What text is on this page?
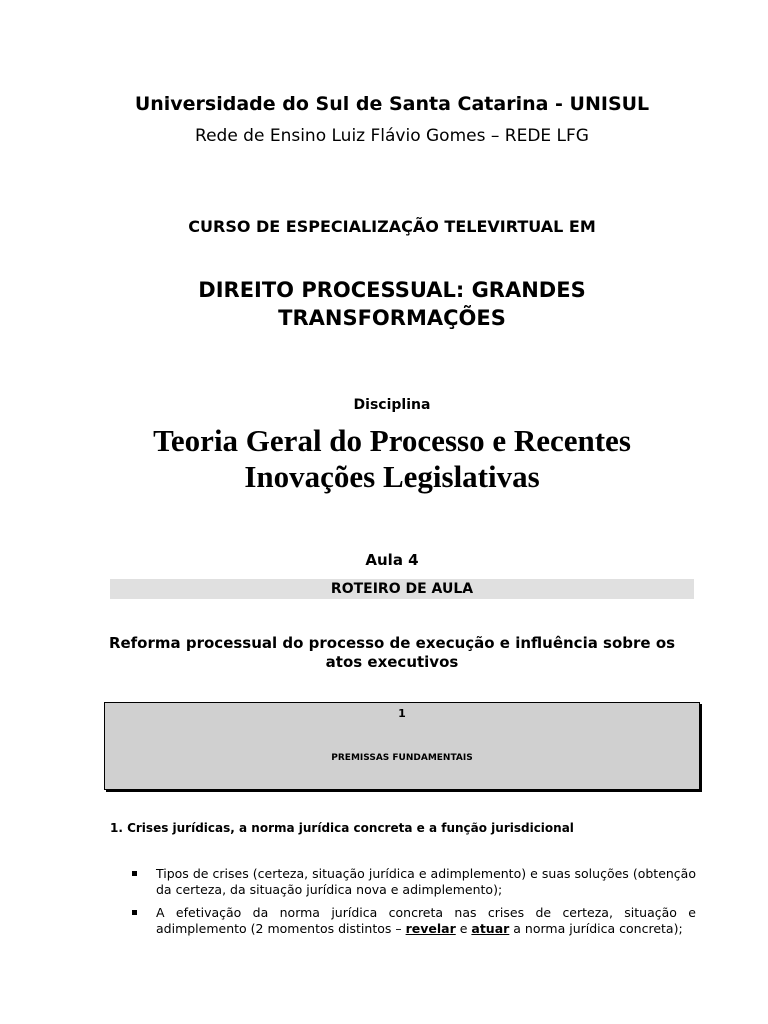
Universidade do Sul de Santa Catarina - UNISUL
Rede de Ensino Luiz Flávio Gomes – REDE LFG
CURSO DE ESPECIALIZAÇÃO TELEVIRTUAL EM
DIREITO PROCESSUAL: GRANDES
TRANSFORMAÇÕES
Disciplina
Teoria Geral do Processo e Recentes
Inovações Legislativas
Aula 4
ROTEIRO DE AULA
Reforma processual do processo de execução e influência sobre os
atos executivos
1
PREMISSAS FUNDAMENTAIS
1. Crises jurídicas, a norma jurídica concreta e a função jurisdicional
Tipos de crises (certeza, situação jurídica e adimplemento) e suas soluções (obtenção da certeza, da situação jurídica nova e adimplemento);
A efetivação da norma jurídica concreta nas crises de certeza, situação e adimplemento (2 momentos distintos – revelar e atuar a norma jurídica concreta);
